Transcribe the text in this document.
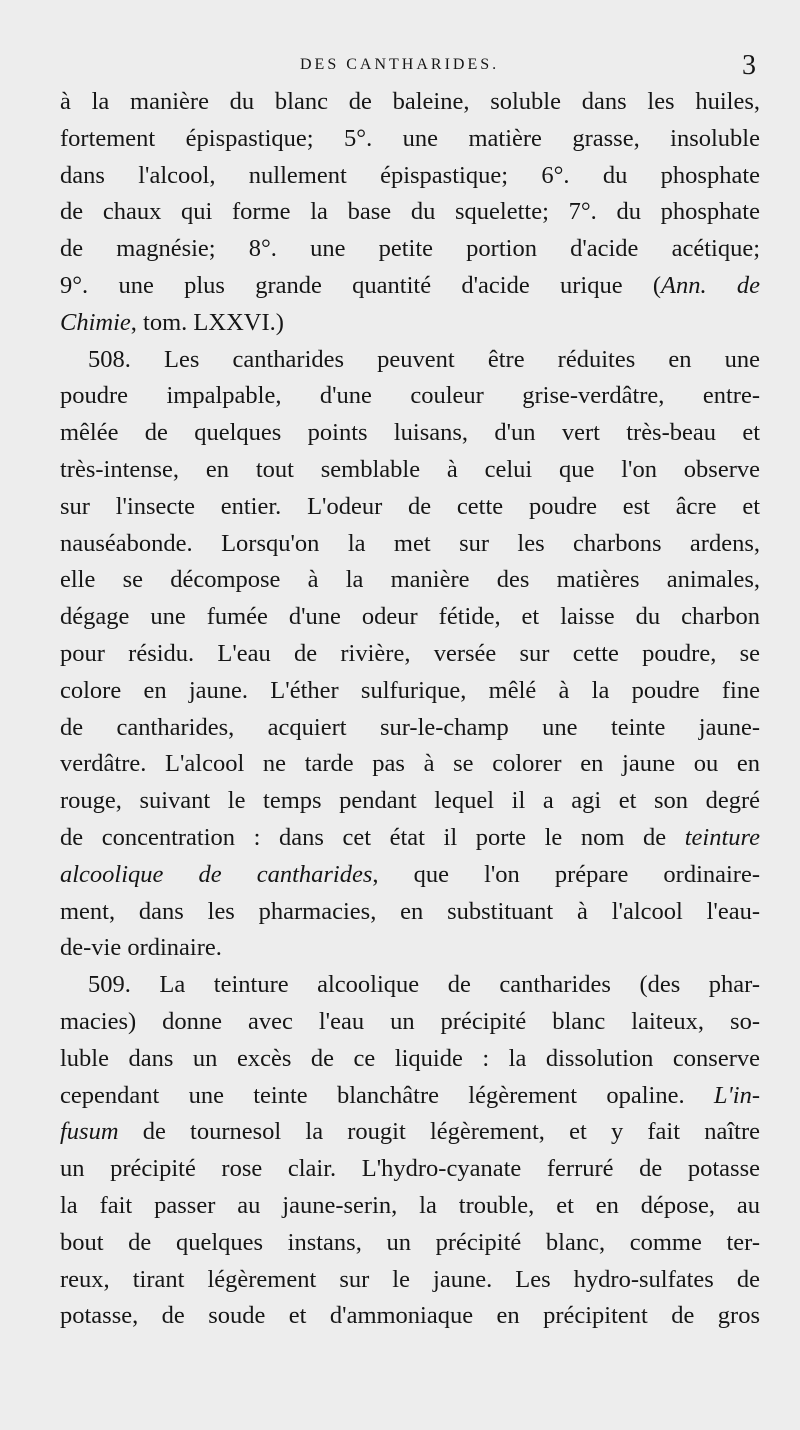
DES CANTHARIDES.	3
à la manière du blanc de baleine, soluble dans les huiles,
fortement épispastique; 5°. une matière grasse, insoluble
dans l'alcool, nullement épispastique; 6°. du phosphate
de chaux qui forme la base du squelette; 7°. du phosphate
de magnésie; 8°. une petite portion d'acide acétique;
9°. une plus grande quantité d'acide urique (Ann. de
Chimie, tom. LXXVI.)
508. Les cantharides peuvent être réduites en une
poudre impalpable, d'une couleur grise-verdâtre, entre-
mêlée de quelques points luisans, d'un vert très-beau et
très-intense, en tout semblable à celui que l'on observe
sur l'insecte entier. L'odeur de cette poudre est âcre et
nauséabonde. Lorsqu'on la met sur les charbons ardens,
elle se décompose à la manière des matières animales,
dégage une fumée d'une odeur fétide, et laisse du charbon
pour résidu. L'eau de rivière, versée sur cette poudre, se
colore en jaune. L'éther sulfurique, mêlé à la poudre fine
de cantharides, acquiert sur-le-champ une teinte jaune-
verdâtre. L'alcool ne tarde pas à se colorer en jaune ou en
rouge, suivant le temps pendant lequel il a agi et son degré
de concentration : dans cet état il porte le nom de teinture
alcoolique de cantharides, que l'on prépare ordinaire-
ment, dans les pharmacies, en substituant à l'alcool l'eau-
de-vie ordinaire.
509. La teinture alcoolique de cantharides (des phar-
macies) donne avec l'eau un précipité blanc laiteux, so-
luble dans un excès de ce liquide : la dissolution conserve
cependant une teinte blanchâtre légèrement opaline. L'in-
fusum de tournesol la rougit légèrement, et y fait naître
un précipité rose clair. L'hydro-cyanate ferruré de potasse
la fait passer au jaune-serin, la trouble, et en dépose, au
bout de quelques instans, un précipité blanc, comme ter-
reux, tirant légèrement sur le jaune. Les hydro-sulfates de
potasse, de soude et d'ammoniaque en précipitent de gros
